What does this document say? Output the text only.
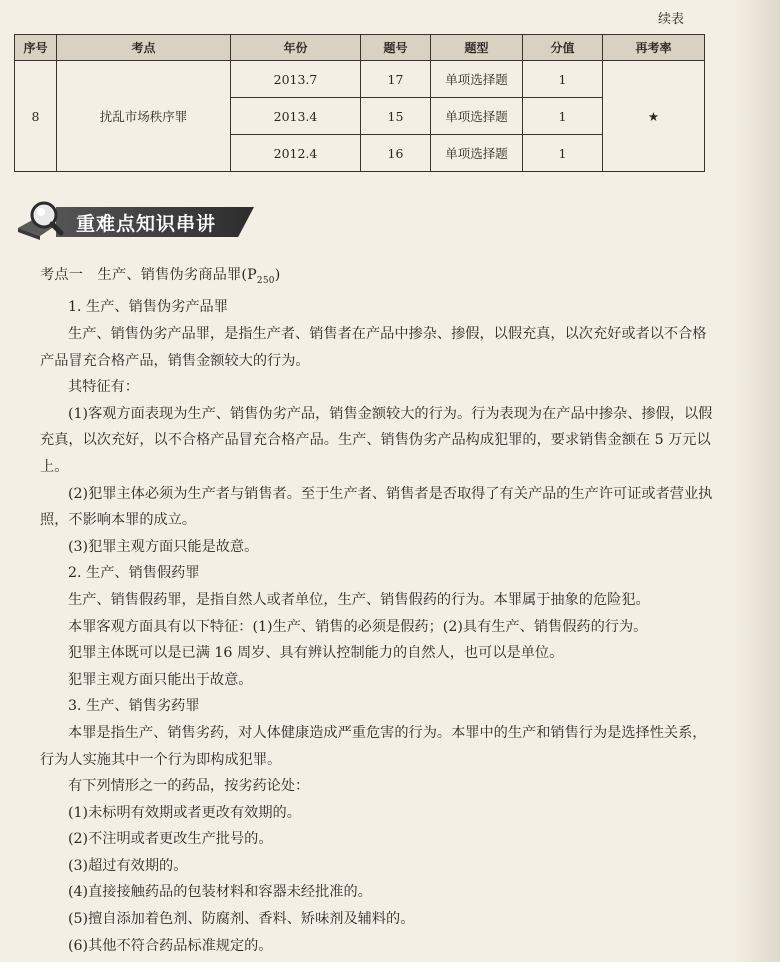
续表
序号	考点	年份	题号	题型	分值	再考率
8	扰乱市场秩序罪	2013.7	17	单项选择题	1	★
		2013.4	15	单项选择题	1	
		2012.4	16	单项选择题	1	
重难点知识串讲

考点一　生产、销售伪劣商品罪$(P_{250})$

1. 生产、销售伪劣产品罪

生产、销售伪劣产品罪，是指生产者、销售者在产品中掺杂、掺假，以假充真，以次充好或者以不合格产品冒充合格产品，销售金额较大的行为。

其特征有：

(1)客观方面表现为生产、销售伪劣产品，销售金额较大的行为。行为表现为在产品中掺杂、掺假，以假充真，以次充好，以不合格产品冒充合格产品。生产、销售伪劣产品构成犯罪的，要求销售金额在 5 万元以上。

(2)犯罪主体必须为生产者与销售者。至于生产者、销售者是否取得了有关产品的生产许可证或者营业执照，不影响本罪的成立。

(3)犯罪主观方面只能是故意。

2. 生产、销售假药罪

生产、销售假药罪，是指自然人或者单位，生产、销售假药的行为。本罪属于抽象的危险犯。

本罪客观方面具有以下特征：(1)生产、销售的必须是假药；(2)具有生产、销售假药的行为。

犯罪主体既可以是已满 16 周岁、具有辨认控制能力的自然人，也可以是单位。

犯罪主观方面只能出于故意。

3. 生产、销售劣药罪

本罪是指生产、销售劣药，对人体健康造成严重危害的行为。本罪中的生产和销售行为是选择性关系，行为人实施其中一个行为即构成犯罪。

有下列情形之一的药品，按劣药论处：

(1)未标明有效期或者更改有效期的。

(2)不注明或者更改生产批号的。

(3)超过有效期的。

(4)直接接触药品的包装材料和容器未经批准的。

(5)擅自添加着色剂、防腐剂、香料、矫味剂及辅料的。

(6)其他不符合药品标准规定的。
